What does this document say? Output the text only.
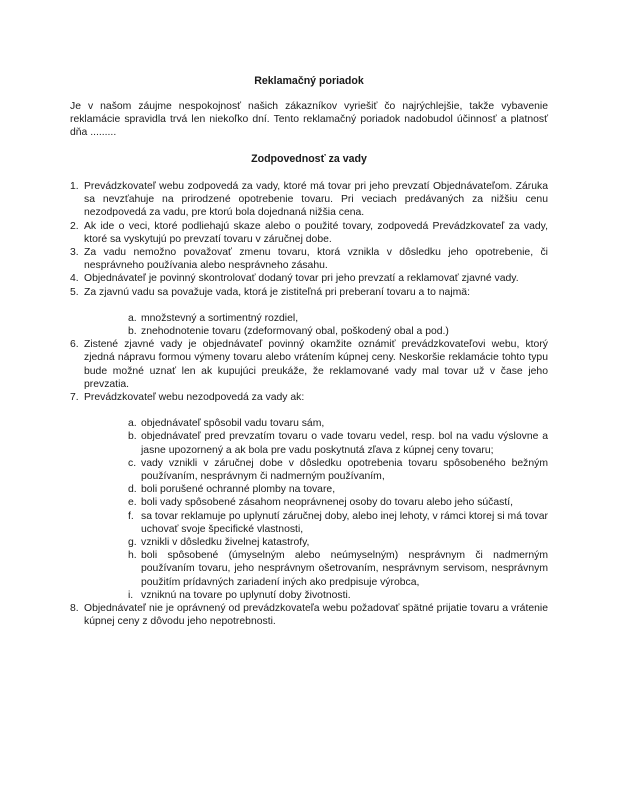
Reklamačný poriadok
Je v našom záujme nespokojnosť našich zákazníkov vyriešiť čo najrýchlejšie, takže vybavenie reklamácie spravidla trvá len niekoľko dní. Tento reklamačný poriadok nadobudol účinnosť a platnosť dňa .........
Zodpovednosť za vady
1. Prevádzkovateľ webu zodpovedá za vady, ktoré má tovar pri jeho prevzatí Objednávateľom. Záruka sa nevzťahuje na prirodzené opotrebenie tovaru. Pri veciach predávaných za nižšiu cenu nezodpovedá za vadu, pre ktorú bola dojednaná nižšia cena.
2. Ak ide o veci, ktoré podliehajú skaze alebo o použité tovary, zodpovedá Prevádzkovateľ za vady, ktoré sa vyskytujú po prevzatí tovaru v záručnej dobe.
3. Za vadu nemožno považovať zmenu tovaru, ktorá vznikla v dôsledku jeho opotrebenie, či nesprávneho používania alebo nesprávneho zásahu.
4. Objednávateľ je povinný skontrolovať dodaný tovar pri jeho prevzatí a reklamovať zjavné vady.
5. Za zjavnú vadu sa považuje vada, ktorá je zistiteľná pri preberaní tovaru a to najmä:
a. množstevný a sortimentný rozdiel,
b. znehodnotenie tovaru (zdeformovaný obal, poškodený obal a pod.)
6. Zistené zjavné vady je objednávateľ povinný okamžite oznámiť prevádzkovateľovi webu, ktorý zjedná nápravu formou výmeny tovaru alebo vrátením kúpnej ceny. Neskoršie reklamácie tohto typu bude možné uznať len ak kupujúci preukáže, že reklamované vady mal tovar už v čase jeho prevzatia.
7. Prevádzkovateľ webu nezodpovedá za vady ak:
a. objednávateľ spôsobil vadu tovaru sám,
b. objednávateľ pred prevzatím tovaru o vade tovaru vedel, resp. bol na vadu výslovne a jasne upozornený a ak bola pre vadu poskytnutá zľava z kúpnej ceny tovaru;
c. vady vznikli v záručnej dobe v dôsledku opotrebenia tovaru spôsobeného bežným používaním, nesprávnym či nadmerným používaním,
d. boli porušené ochranné plomby na tovare,
e. boli vady spôsobené zásahom neoprávnenej osoby do tovaru alebo jeho súčastí,
f. sa tovar reklamuje po uplynutí záručnej doby, alebo inej lehoty, v rámci ktorej si má tovar uchovať svoje špecifické vlastnosti,
g. vznikli v dôsledku živelnej katastrofy,
h. boli spôsobené (úmyselným alebo neúmyselným) nesprávnym či nadmerným používaním tovaru, jeho nesprávnym ošetrovaním, nesprávnym servisom, nesprávnym použitím prídavných zariadení iných ako predpisuje výrobca,
i. vzniknú na tovare po uplynutí doby životnosti.
8. Objednávateľ nie je oprávnený od prevádzkovateľa webu požadovať spätné prijatie tovaru a vrátenie kúpnej ceny z dôvodu jeho nepotrebnosti.
